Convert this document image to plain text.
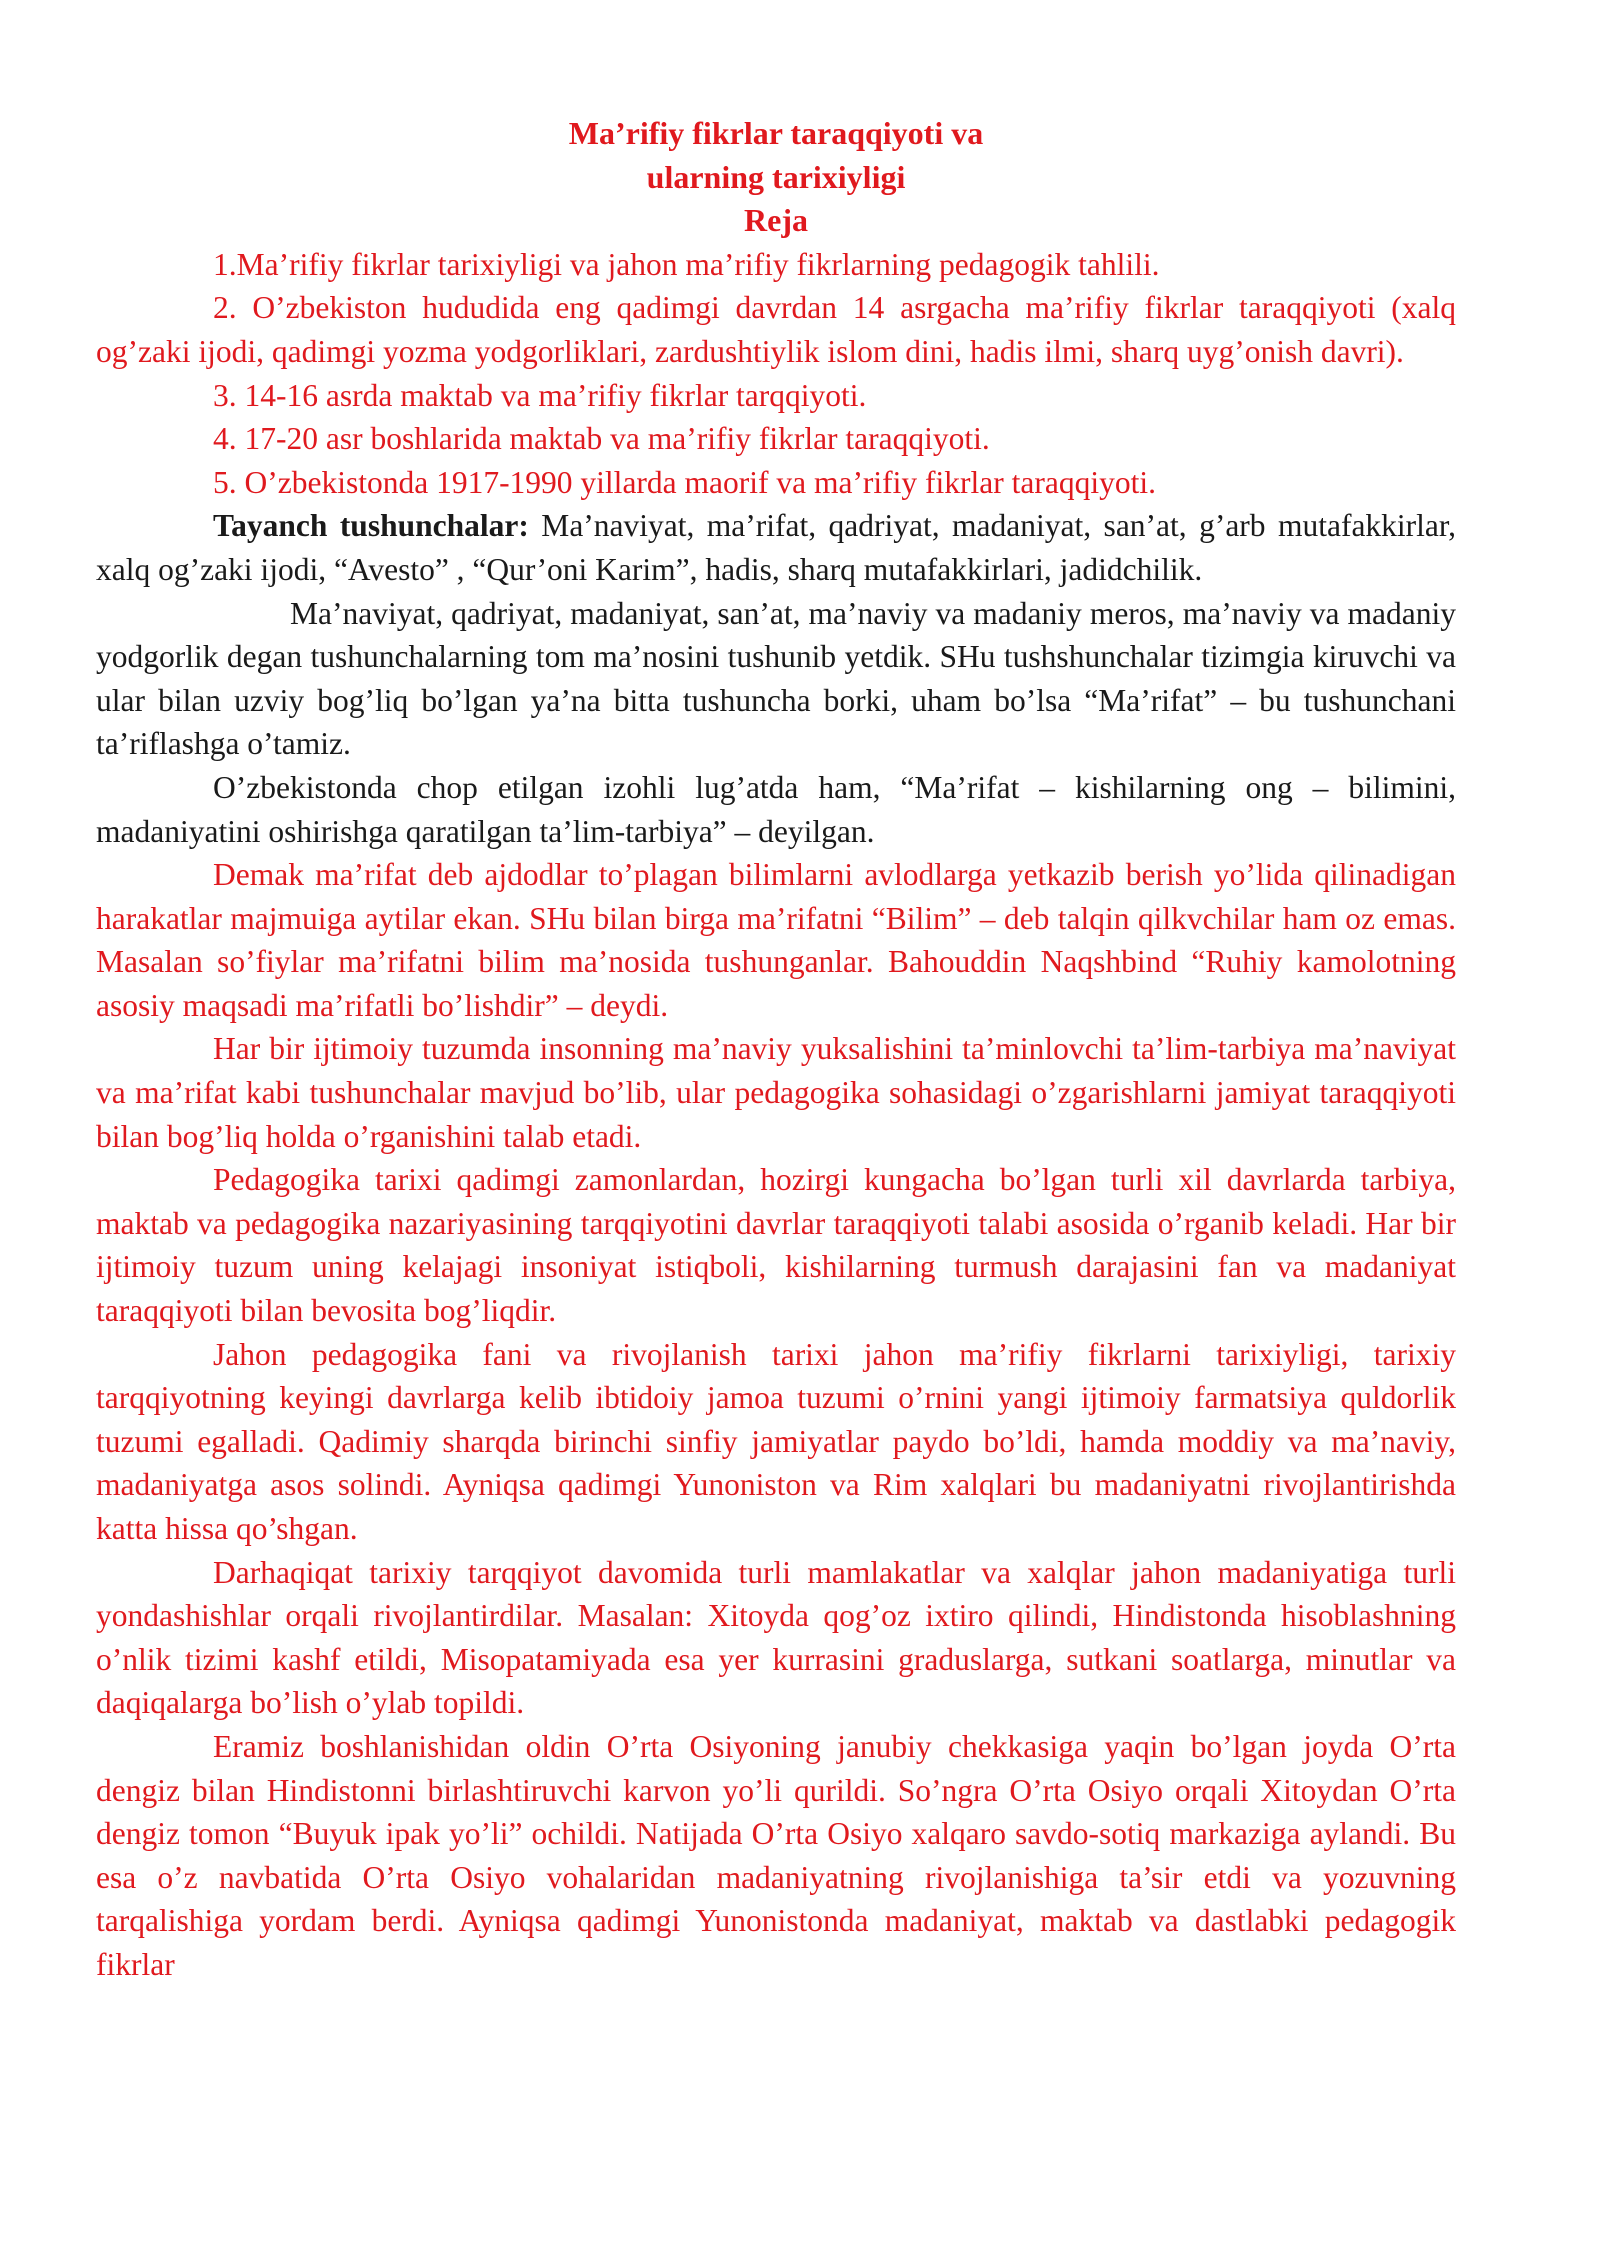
Ma’rifiy fikrlar taraqqiyoti va
ularning tarixiyligi
Reja

1.Ma’rifiy fikrlar tarixiyligi va jahon ma’rifiy fikrlarning pedagogik tahlili.

2. O’zbekiston hududida eng qadimgi davrdan 14 asrgacha ma’rifiy fikrlar taraqqiyoti (xalq og’zaki ijodi, qadimgi yozma yodgorliklari, zardushtiylik islom dini, hadis ilmi, sharq uyg’onish davri).

3. 14-16 asrda maktab va ma’rifiy fikrlar tarqqiyoti.

4. 17-20 asr boshlarida maktab va ma’rifiy fikrlar taraqqiyoti.

5. O’zbekistonda 1917-1990 yillarda maorif va ma’rifiy fikrlar taraqqiyoti.

Tayanch tushunchalar: Ma’naviyat, ma’rifat, qadriyat, madaniyat, san’at, g’arb mutafakkirlar, xalq og’zaki ijodi, “Avesto” , “Qur’oni Karim”, hadis, sharq mutafakkirlari, jadidchilik.

Ma’naviyat, qadriyat, madaniyat, san’at, ma’naviy va madaniy meros, ma’naviy va madaniy yodgorlik degan tushunchalarning tom ma’nosini tushunib yetdik. SHu tushshunchalar tizimgia kiruvchi va ular bilan uzviy bog’liq bo’lgan ya’na bitta tushuncha borki, uham bo’lsa “Ma’rifat” – bu tushunchani ta’riflashga o’tamiz.

O’zbekistonda chop etilgan izohli lug’atda ham, “Ma’rifat – kishilarning ong – bilimini, madaniyatini oshirishga qaratilgan ta’lim-tarbiya” – deyilgan.

Demak ma’rifat deb ajdodlar to’plagan bilimlarni avlodlarga yetkazib berish yo’lida qilinadigan harakatlar majmuiga aytilar ekan. SHu bilan birga ma’rifatni “Bilim” – deb talqin qilkvchilar ham oz emas. Masalan so’fiylar ma’rifatni bilim ma’nosida tushunganlar. Bahouddin Naqshbind “Ruhiy kamolotning asosiy maqsadi ma’rifatli bo’lishdir” – deydi.

Har bir ijtimoiy tuzumda insonning ma’naviy yuksalishini ta’minlovchi ta’lim-tarbiya ma’naviyat va ma’rifat kabi tushunchalar mavjud bo’lib, ular pedagogika sohasidagi o’zgarishlarni jamiyat taraqqiyoti bilan bog’liq holda o’rganishini talab etadi.

Pedagogika tarixi qadimgi zamonlardan, hozirgi kungacha bo’lgan turli xil davrlarda tarbiya, maktab va pedagogika nazariyasining tarqqiyotini davrlar taraqqiyoti talabi asosida o’rganib keladi. Har bir ijtimoiy tuzum uning kelajagi insoniyat istiqboli, kishilarning turmush darajasini fan va madaniyat taraqqiyoti bilan bevosita bog’liqdir.

Jahon pedagogika fani va rivojlanish tarixi jahon ma’rifiy fikrlarni tarixiyligi, tarixiy tarqqiyotning keyingi davrlarga kelib ibtidoiy jamoa tuzumi o’rnini yangi ijtimoiy farmatsiya quldorlik tuzumi egalladi. Qadimiy sharqda birinchi sinfiy jamiyatlar paydo bo’ldi, hamda moddiy va ma’naviy, madaniyatga asos solindi. Ayniqsa qadimgi Yunoniston va Rim xalqlari bu madaniyatni rivojlantirishda katta hissa qo’shgan.

Darhaqiqat tarixiy tarqqiyot davomida turli mamlakatlar va xalqlar jahon madaniyatiga turli yondashishlar orqali rivojlantirdilar. Masalan: Xitoyda qog’oz ixtiro qilindi, Hindistonda hisoblashning o’nlik tizimi kashf etildi, Misopatamiyada esa yer kurrasini graduslarga, sutkani soatlarga, minutlar va daqiqalarga bo’lish o’ylab topildi.

Eramiz boshlanishidan oldin O’rta Osiyoning janubiy chekkasiga yaqin bo’lgan joyda O’rta dengiz bilan Hindistonni birlashtiruvchi karvon yo’li qurildi. So’ngra O’rta Osiyo orqali Xitoydan O’rta dengiz tomon “Buyuk ipak yo’li” ochildi. Natijada O’rta Osiyo xalqaro savdo-sotiq markaziga aylandi. Bu esa o’z navbatida O’rta Osiyo vohalaridan madaniyatning rivojlanishiga ta’sir etdi va yozuvning tarqalishiga yordam berdi. Ayniqsa qadimgi Yunonistonda madaniyat, maktab va dastlabki pedagogik fikrlar
